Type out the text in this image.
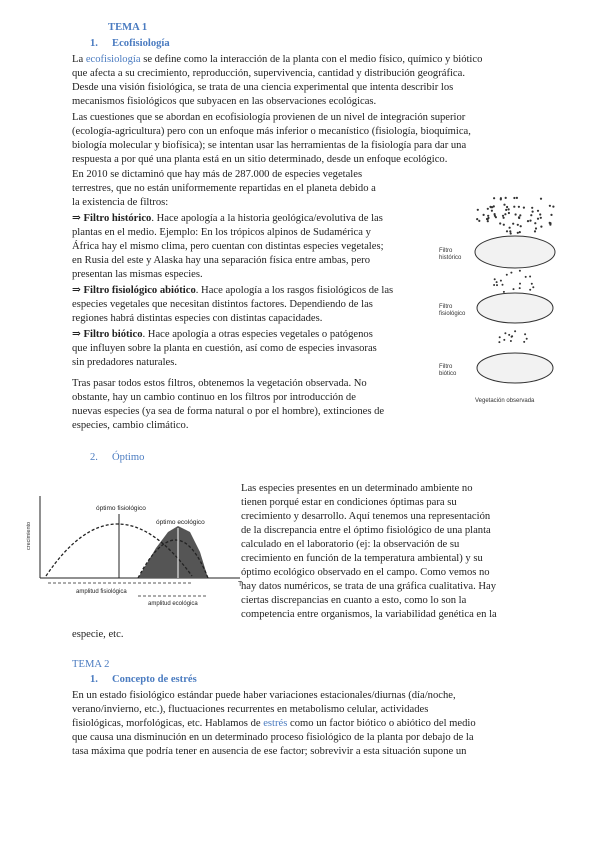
TEMA 1
1. Ecofisiología
La ecofisiología se define como la interacción de la planta con el medio físico, químico y biótico
que afecta a su crecimiento, reproducción, supervivencia, cantidad y distribución geográfica.
Desde una visión fisiológica, se trata de una ciencia experimental que intenta describir los
mecanismos fisiológicos que subyacen en las observaciones ecológicas.
Las cuestiones que se abordan en ecofisiología provienen de un nivel de integración superior
(ecología-agricultura) pero con un enfoque más inferior o mecanístico (fisiología, bioquímica,
biología molecular y biofísica); se intentan usar las herramientas de la fisiología para dar una
respuesta a por qué una planta está en un sitio determinado, desde un enfoque ecológico.
En 2010 se dictaminó que hay más de 287.000 de especies vegetales
terrestres, que no están uniformemente repartidas en el planeta debido a
la existencia de filtros:
⇒ Filtro histórico. Hace apología a la historia geológica/evolutiva de las
plantas en el medio. Ejemplo: En los trópicos alpinos de Sudamérica y
África hay el mismo clima, pero cuentan con distintas especies vegetales;
en Rusia del este y Alaska hay una separación física entre ambas, pero
presentan las mismas especies.
⇒ Filtro fisiológico abiótico. Hace apología a los rasgos fisiológicos de las
especies vegetales que necesitan distintos factores. Dependiendo de las
regiones habrá distintas especies con distintas capacidades.
⇒ Filtro biótico. Hace apología a otras especies vegetales o patógenos
que influyen sobre la planta en cuestión, así como de especies invasoras
sin predadores naturales.
Tras pasar todos estos filtros, obtenemos la vegetación observada. No
obstante, hay un cambio continuo en los filtros por introducción de
nuevas especies (ya sea de forma natural o por el hombre), extinciones de
especies, cambio climático.
Filtro
histórico
Filtro
fisiológico
Filtro
biótico
Vegetación observada
2. Óptimo
crecimiento
T
óptimo fisiológico
óptimo ecológico
amplitud fisiológica
amplitud ecológica
Las especies presentes en un determinado ambiente no
tienen porqué estar en condiciones óptimas para su
crecimiento y desarrollo. Aquí tenemos una representación
de la discrepancia entre el óptimo fisiológico de una planta
calculado en el laboratorio (ej: la observación de su
crecimiento en función de la temperatura ambiental) y su
óptimo ecológico observado en el campo. Como vemos no
hay datos numéricos, se trata de una gráfica cualitativa. Hay
ciertas discrepancias en cuanto a esto, como lo son la
competencia entre organismos, la variabilidad genética en la
especie, etc.
TEMA 2
1. Concepto de estrés
En un estado fisiológico estándar puede haber variaciones estacionales/diurnas (día/noche,
verano/invierno, etc.), fluctuaciones recurrentes en metabolismo celular, actividades
fisiológicas, morfológicas, etc. Hablamos de estrés como un factor biótico o abiótico del medio
que causa una disminución en un determinado proceso fisiológico de la planta por debajo de la
tasa máxima que podría tener en ausencia de ese factor; sobrevivir a esta situación supone un
